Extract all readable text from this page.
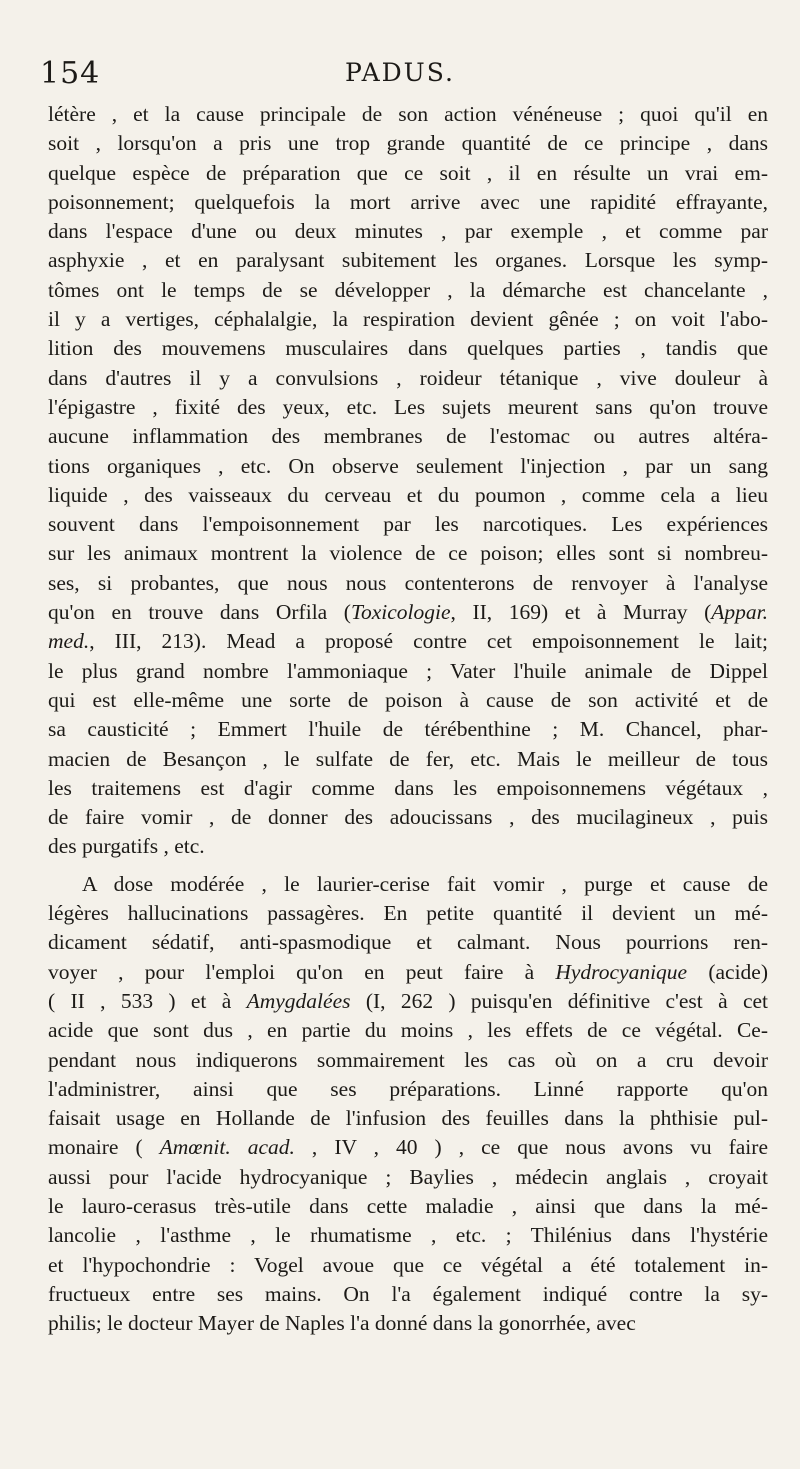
154	PADUS.
létère , et la cause principale de son action vénéneuse ; quoi qu'il en
soit , lorsqu'on a pris une trop grande quantité de ce principe , dans
quelque espèce de préparation que ce soit , il en résulte un vrai em-
poisonnement; quelquefois la mort arrive avec une rapidité effrayante,
dans l'espace d'une ou deux minutes , par exemple , et comme par
asphyxie , et en paralysant subitement les organes. Lorsque les symp-
tômes ont le temps de se développer , la démarche est chancelante ,
il y a vertiges, céphalalgie, la respiration devient gênée ; on voit l'abo-
lition des mouvemens musculaires dans quelques parties , tandis que
dans d'autres il y a convulsions , roideur tétanique , vive douleur à
l'épigastre , fixité des yeux, etc. Les sujets meurent sans qu'on trouve
aucune inflammation des membranes de l'estomac ou autres altéra-
tions organiques , etc. On observe seulement l'injection , par un sang
liquide , des vaisseaux du cerveau et du poumon , comme cela a lieu
souvent dans l'empoisonnement par les narcotiques. Les expériences
sur les animaux montrent la violence de ce poison; elles sont si nombreu-
ses, si probantes, que nous nous contenterons de renvoyer à l'analyse
qu'on en trouve dans Orfila (Toxicologie, II, 169) et à Murray (Appar.
med., III, 213). Mead a proposé contre cet empoisonnement le lait;
le plus grand nombre l'ammoniaque ; Vater l'huile animale de Dippel
qui est elle-même une sorte de poison à cause de son activité et de
sa causticité ; Emmert l'huile de térébenthine ; M. Chancel, phar-
macien de Besançon , le sulfate de fer, etc. Mais le meilleur de tous
les traitemens est d'agir comme dans les empoisonnemens végétaux ,
de faire vomir , de donner des adoucissans , des mucilagineux , puis
des purgatifs , etc.
A dose modérée , le laurier-cerise fait vomir , purge et cause de
légères hallucinations passagères. En petite quantité il devient un mé-
dicament sédatif, anti-spasmodique et calmant. Nous pourrions ren-
voyer , pour l'emploi qu'on en peut faire à Hydrocyanique (acide)
( II , 533 ) et à Amygdalées (I, 262 ) puisqu'en définitive c'est à cet
acide que sont dus , en partie du moins , les effets de ce végétal. Ce-
pendant nous indiquerons sommairement les cas où on a cru devoir
l'administrer, ainsi que ses préparations. Linné rapporte qu'on
faisait usage en Hollande de l'infusion des feuilles dans la phthisie pul-
monaire ( Amœnit. acad. , IV , 40 ) , ce que nous avons vu faire
aussi pour l'acide hydrocyanique ; Baylies , médecin anglais , croyait
le lauro-cerasus très-utile dans cette maladie , ainsi que dans la mé-
lancolie , l'asthme , le rhumatisme , etc. ; Thilénius dans l'hystérie
et l'hypochondrie : Vogel avoue que ce végétal a été totalement in-
fructueux entre ses mains. On l'a également indiqué contre la sy-
philis; le docteur Mayer de Naples l'a donné dans la gonorrhée, avec
